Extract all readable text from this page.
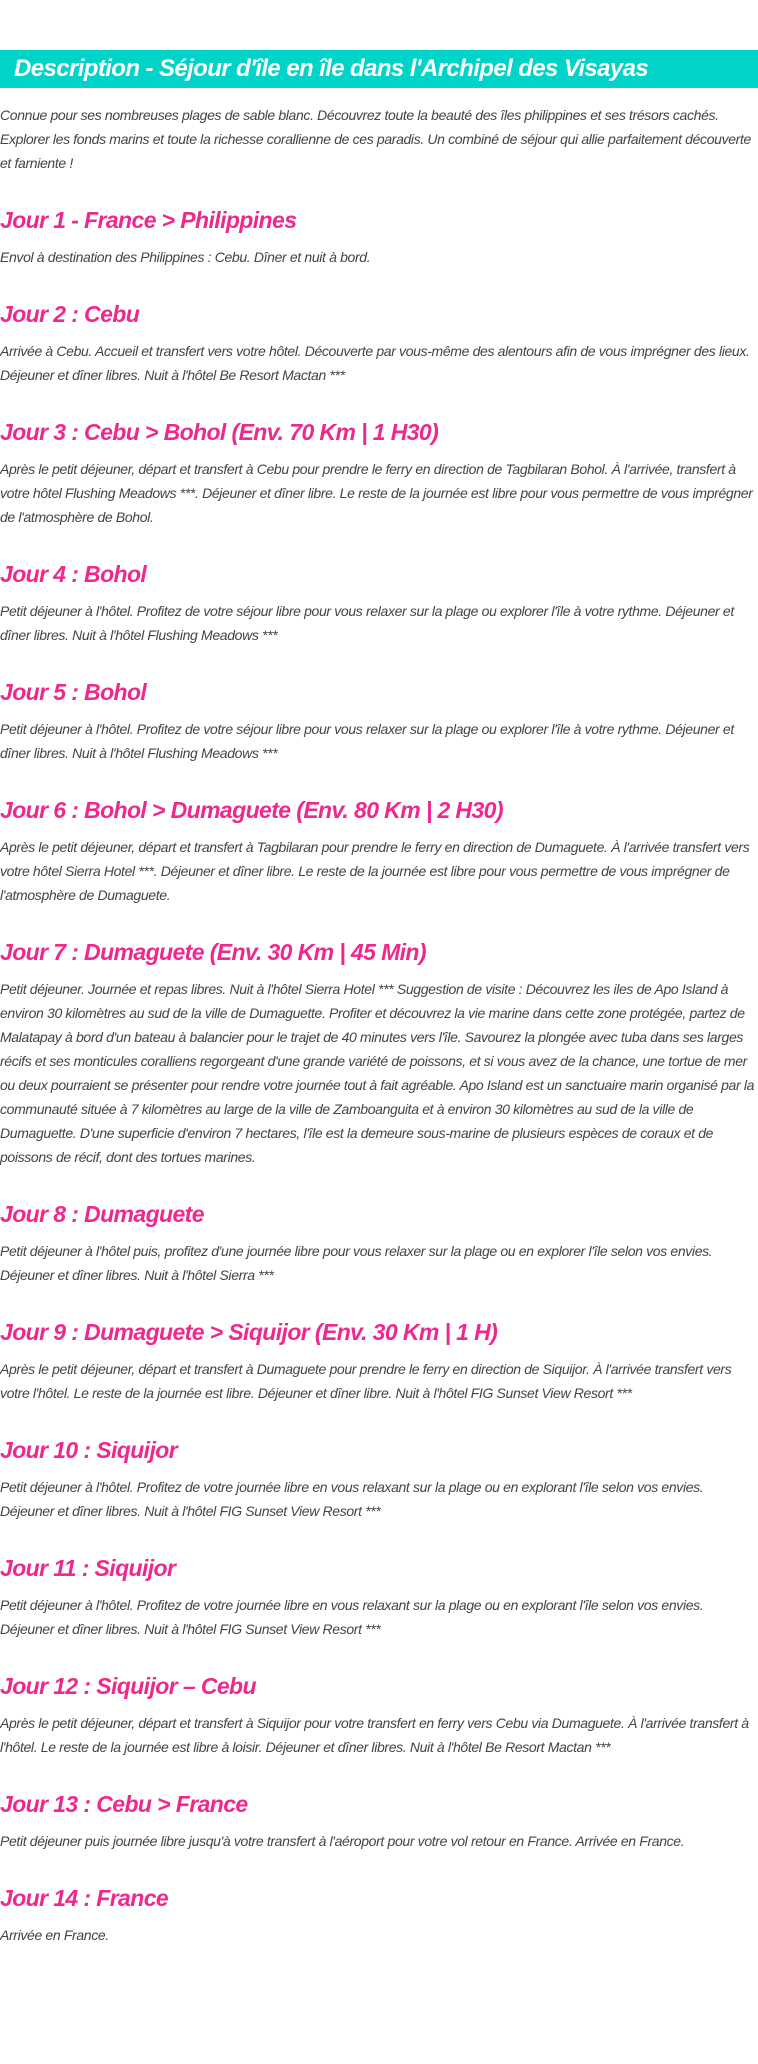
Description - Séjour d'île en île dans l'Archipel des Visayas

Connue pour ses nombreuses plages de sable blanc. Découvrez toute la beauté des îles philippines et ses trésors cachés. Explorer les fonds marins et toute la richesse corallienne de ces paradis. Un combiné de séjour qui allie parfaitement découverte et farniente !

Jour 1 - France > Philippines

Envol à destination des Philippines : Cebu. Dîner et nuit à bord.

Jour 2 : Cebu

Arrivée à Cebu. Accueil et transfert vers votre hôtel. Découverte par vous-même des alentours afin de vous imprégner des lieux. Déjeuner et dîner libres. Nuit à l'hôtel Be Resort Mactan ***

Jour 3 : Cebu > Bohol (Env. 70 Km | 1 H30)

Après le petit déjeuner, départ et transfert à Cebu pour prendre le ferry en direction de Tagbilaran Bohol. À l'arrivée, transfert à votre hôtel Flushing Meadows ***. Déjeuner et dîner libre. Le reste de la journée est libre pour vous permettre de vous imprégner de l'atmosphère de Bohol.

Jour 4 : Bohol

Petit déjeuner à l'hôtel. Profitez de votre séjour libre pour vous relaxer sur la plage ou explorer l'île à votre rythme. Déjeuner et dîner libres. Nuit à l'hôtel Flushing Meadows ***

Jour 5 : Bohol

Petit déjeuner à l'hôtel. Profitez de votre séjour libre pour vous relaxer sur la plage ou explorer l'île à votre rythme. Déjeuner et dîner libres. Nuit à l'hôtel Flushing Meadows ***

Jour 6 : Bohol > Dumaguete (Env. 80 Km | 2 H30)

Après le petit déjeuner, départ et transfert à Tagbilaran pour prendre le ferry en direction de Dumaguete. À l'arrivée transfert vers votre hôtel Sierra Hotel ***. Déjeuner et dîner libre. Le reste de la journée est libre pour vous permettre de vous imprégner de l'atmosphère de Dumaguete.

Jour 7 : Dumaguete (Env. 30 Km | 45 Min)

Petit déjeuner. Journée et repas libres. Nuit à l'hôtel Sierra Hotel *** Suggestion de visite : Découvrez les iles de Apo Island à environ 30 kilomètres au sud de la ville de Dumaguette. Profiter et découvrez la vie marine dans cette zone protégée, partez de Malatapay à bord d'un bateau à balancier pour le trajet de 40 minutes vers l'île. Savourez la plongée avec tuba dans ses larges récifs et ses monticules coralliens regorgeant d'une grande variété de poissons, et si vous avez de la chance, une tortue de mer ou deux pourraient se présenter pour rendre votre journée tout à fait agréable. Apo Island est un sanctuaire marin organisé par la communauté située à 7 kilomètres au large de la ville de Zamboanguita et à environ 30 kilomètres au sud de la ville de Dumaguette. D'une superficie d'environ 7 hectares, l'île est la demeure sous-marine de plusieurs espèces de coraux et de poissons de récif, dont des tortues marines.

Jour 8 : Dumaguete

Petit déjeuner à l'hôtel puis, profitez d'une journée libre pour vous relaxer sur la plage ou en explorer l'île selon vos envies. Déjeuner et dîner libres. Nuit à l'hôtel Sierra ***

Jour 9 : Dumaguete > Siquijor (Env. 30 Km | 1 H)

Après le petit déjeuner, départ et transfert à Dumaguete pour prendre le ferry en direction de Siquijor. À l'arrivée transfert vers votre l'hôtel. Le reste de la journée est libre. Déjeuner et dîner libre. Nuit à l'hôtel FIG Sunset View Resort ***

Jour 10 : Siquijor

Petit déjeuner à l'hôtel. Profitez de votre journée libre en vous relaxant sur la plage ou en explorant l'île selon vos envies. Déjeuner et dîner libres. Nuit à l'hôtel FIG Sunset View Resort ***

Jour 11 : Siquijor

Petit déjeuner à l'hôtel. Profitez de votre journée libre en vous relaxant sur la plage ou en explorant l'île selon vos envies. Déjeuner et dîner libres. Nuit à l'hôtel FIG Sunset View Resort ***

Jour 12 : Siquijor – Cebu

Après le petit déjeuner, départ et transfert à Siquijor pour votre transfert en ferry vers Cebu via Dumaguete. À l'arrivée transfert à l'hôtel. Le reste de la journée est libre à loisir. Déjeuner et dîner libres. Nuit à l'hôtel Be Resort Mactan ***

Jour 13 : Cebu > France

Petit déjeuner puis journée libre jusqu'à votre transfert à l'aéroport pour votre vol retour en France. Arrivée en France.

Jour 14 : France

Arrivée en France.
